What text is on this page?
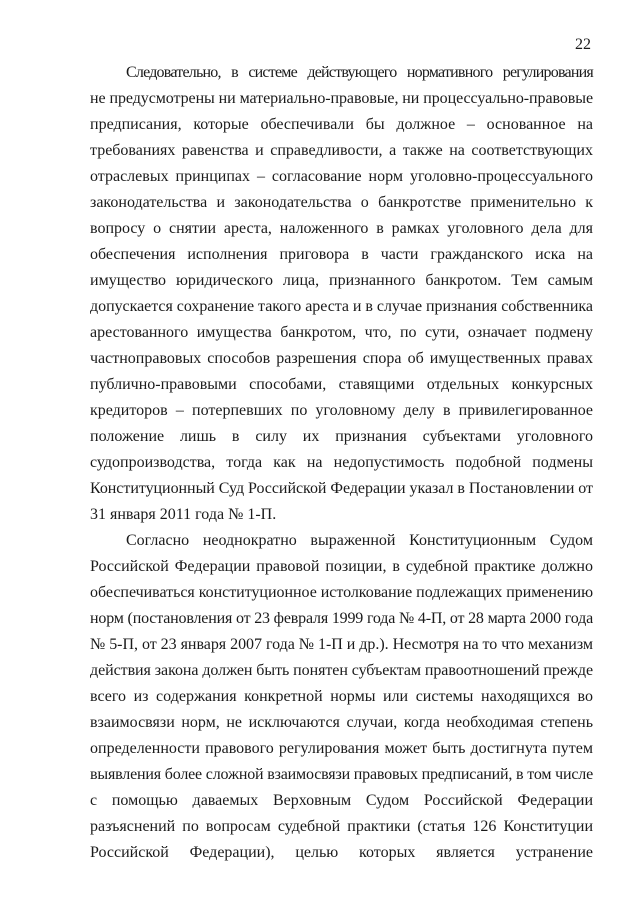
22

Следовательно, в системе действующего нормативного регулирования
не предусмотрены ни материально-правовые, ни процессуально-правовые
предписания, которые обеспечивали бы должное – основанное на
требованиях равенства и справедливости, а также на соответствующих
отраслевых принципах – согласование норм уголовно-процессуального
законодательства и законодательства о банкротстве применительно к
вопросу о снятии ареста, наложенного в рамках уголовного дела для
обеспечения исполнения приговора в части гражданского иска на
имущество юридического лица, признанного банкротом. Тем самым
допускается сохранение такого ареста и в случае признания собственника
арестованного имущества банкротом, что, по сути, означает подмену
частноправовых способов разрешения спора об имущественных правах
публично-правовыми способами, ставящими отдельных конкурсных
кредиторов – потерпевших по уголовному делу в привилегированное
положение лишь в силу их признания субъектами уголовного
судопроизводства, тогда как на недопустимость подобной подмены
Конституционный Суд Российской Федерации указал в Постановлении от
31 января 2011 года № 1-П.

Согласно неоднократно выраженной Конституционным Судом
Российской Федерации правовой позиции, в судебной практике должно
обеспечиваться конституционное истолкование подлежащих применению
норм (постановления от 23 февраля 1999 года № 4-П, от 28 марта 2000 года
№ 5-П, от 23 января 2007 года № 1-П и др.). Несмотря на то что механизм
действия закона должен быть понятен субъектам правоотношений прежде
всего из содержания конкретной нормы или системы находящихся во
взаимосвязи норм, не исключаются случаи, когда необходимая степень
определенности правового регулирования может быть достигнута путем
выявления более сложной взаимосвязи правовых предписаний, в том числе
с помощью даваемых Верховным Судом Российской Федерации
разъяснений по вопросам судебной практики (статья 126 Конституции
Российской Федерации), целью которых является устранение
